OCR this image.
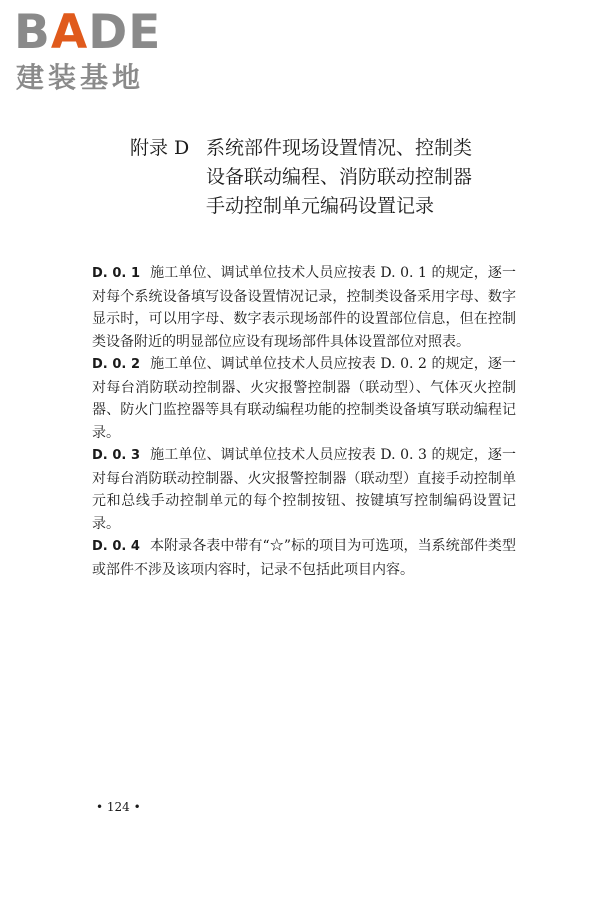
BADE
建装基地
附录 D 系统部件现场设置情况、控制类
设备联动编程、消防联动控制器
手动控制单元编码设置记录

D. 0. 1 施工单位、调试单位技术人员应按表 D. 0. 1 的规定，逐一对每个系统设备填写设备设置情况记录，控制类设备采用字母、数字显示时，可以用字母、数字表示现场部件的设置部位信息，但在控制类设备附近的明显部位应设有现场部件具体设置部位对照表。

D. 0. 2 施工单位、调试单位技术人员应按表 D. 0. 2 的规定，逐一对每台消防联动控制器、火灾报警控制器（联动型）、气体灭火控制器、防火门监控器等具有联动编程功能的控制类设备填写联动编程记录。

D. 0. 3 施工单位、调试单位技术人员应按表 D. 0. 3 的规定，逐一对每台消防联动控制器、火灾报警控制器（联动型）直接手动控制单元和总线手动控制单元的每个控制按钮、按键填写控制编码设置记录。

D. 0. 4 本附录各表中带有“☆”标的项目为可选项，当系统部件类型或部件不涉及该项内容时，记录不包括此项目内容。

• 124 •
